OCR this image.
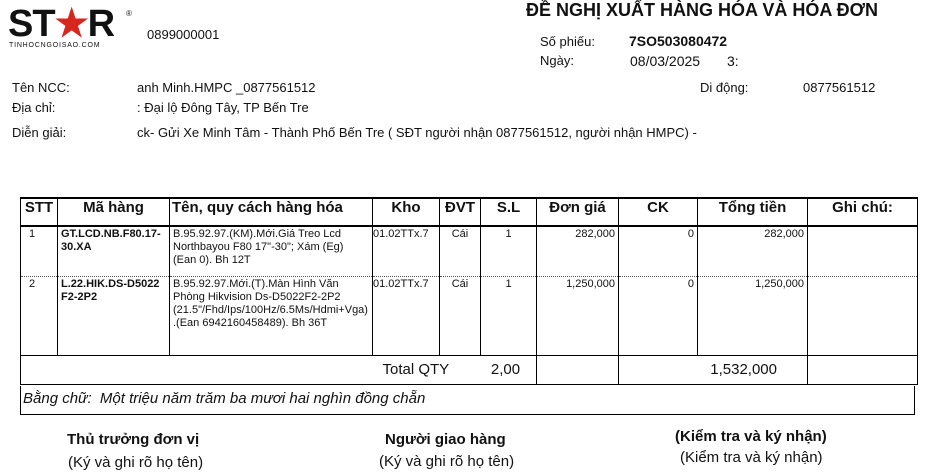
ST★R ®
TINHOCNGOISAO.COM
0899000001
ĐỀ NGHỊ XUẤT HÀNG HÓA VÀ HÓA ĐƠN
Số phiếu: 7SO503080472
Ngày:	08/03/2025 3:
Tên NCC:	anh Minh.HMPC _0877561512	Di động:	0877561512
Địa chỉ:	: Đại lộ Đông Tây, TP Bến Tre
Diễn giải:	ck- Gửi Xe Minh Tâm - Thành Phố Bến Tre ( SĐT người nhận 0877561512, người nhận HMPC) -
STT	Mã hàng	Tên, quy cách hàng hóa	Kho	ĐVT	S.L	Đơn giá	CK	Tổng tiền	Ghi chú:
1	GT.LCD.NB.F80.17-30.XA	B.95.92.97.(KM).Mới.Giá Treo Lcd Northbayou F80 17"-30"; Xám (Eg) (Ean 0). Bh 12T	01.02TTx.7	Cái	1	282,000	0	282,000	
2	L.22.HIK.DS-D5022F2-2P2	B.95.92.97.Mới.(T).Màn Hình Văn Phòng Hikvision Ds-D5022F2-2P2 (21.5"/Fhd/Ips/100Hz/6.5Ms/Hdmi+Vga).(Ean 6942160458489). Bh 36T	01.02TTx.7	Cái	1	1,250,000	0	1,250,000	
			Total QTY 2,00				1,532,000		
Bằng chữ: Một triệu năm trăm ba mươi hai nghìn đồng chẵn
Thủ trưởng đơn vị
(Ký và ghi rõ họ tên)
Người giao hàng
(Ký và ghi rõ họ tên)
(Kiểm tra và ký nhận)
(Kiểm tra và ký nhận)
